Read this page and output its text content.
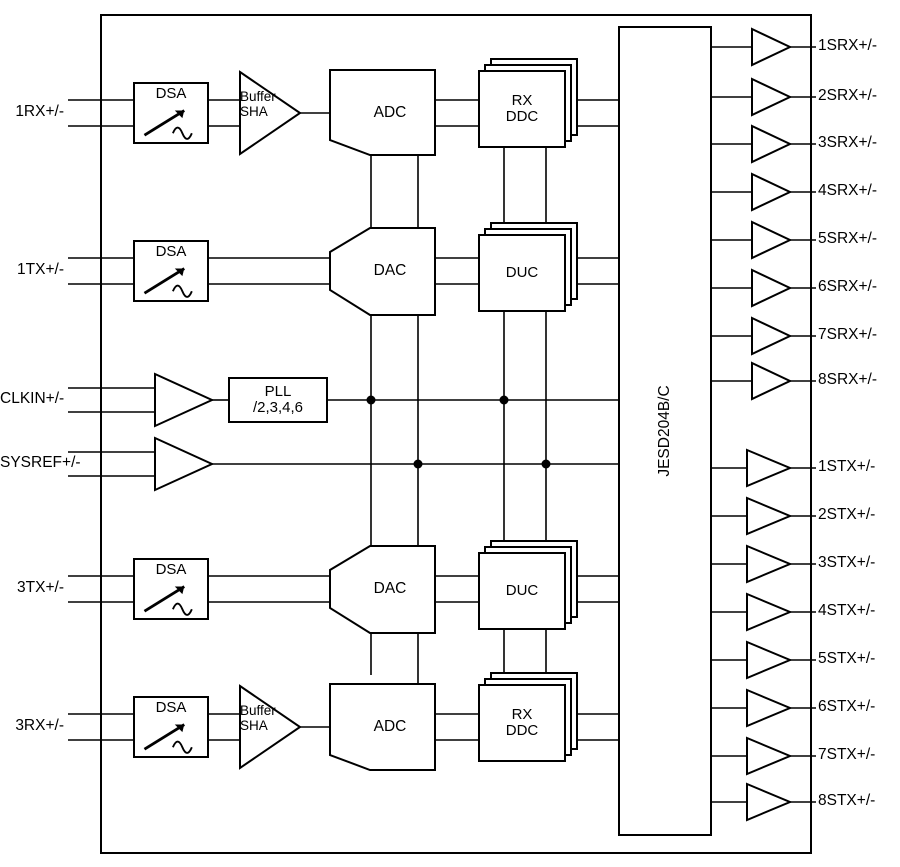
1RX+/-
1TX+/-
CLKIN+/-
SYSREF+/-
3TX+/-
3RX+/-
DSA
DSA
DSA
DSA
Buffer
SHA
Buffer
SHA
ADC
DAC
DAC
ADC
RX
DDC
DUC
DUC
RX
DDC
PLL
/2,3,4,6	JESD204B/C
1SRX+/-
2SRX+/-
3SRX+/-
4SRX+/-
5SRX+/-
6SRX+/-
7SRX+/-
8SRX+/-
1STX+/-
2STX+/-
3STX+/-
4STX+/-
5STX+/-
6STX+/-
7STX+/-
8STX+/-
